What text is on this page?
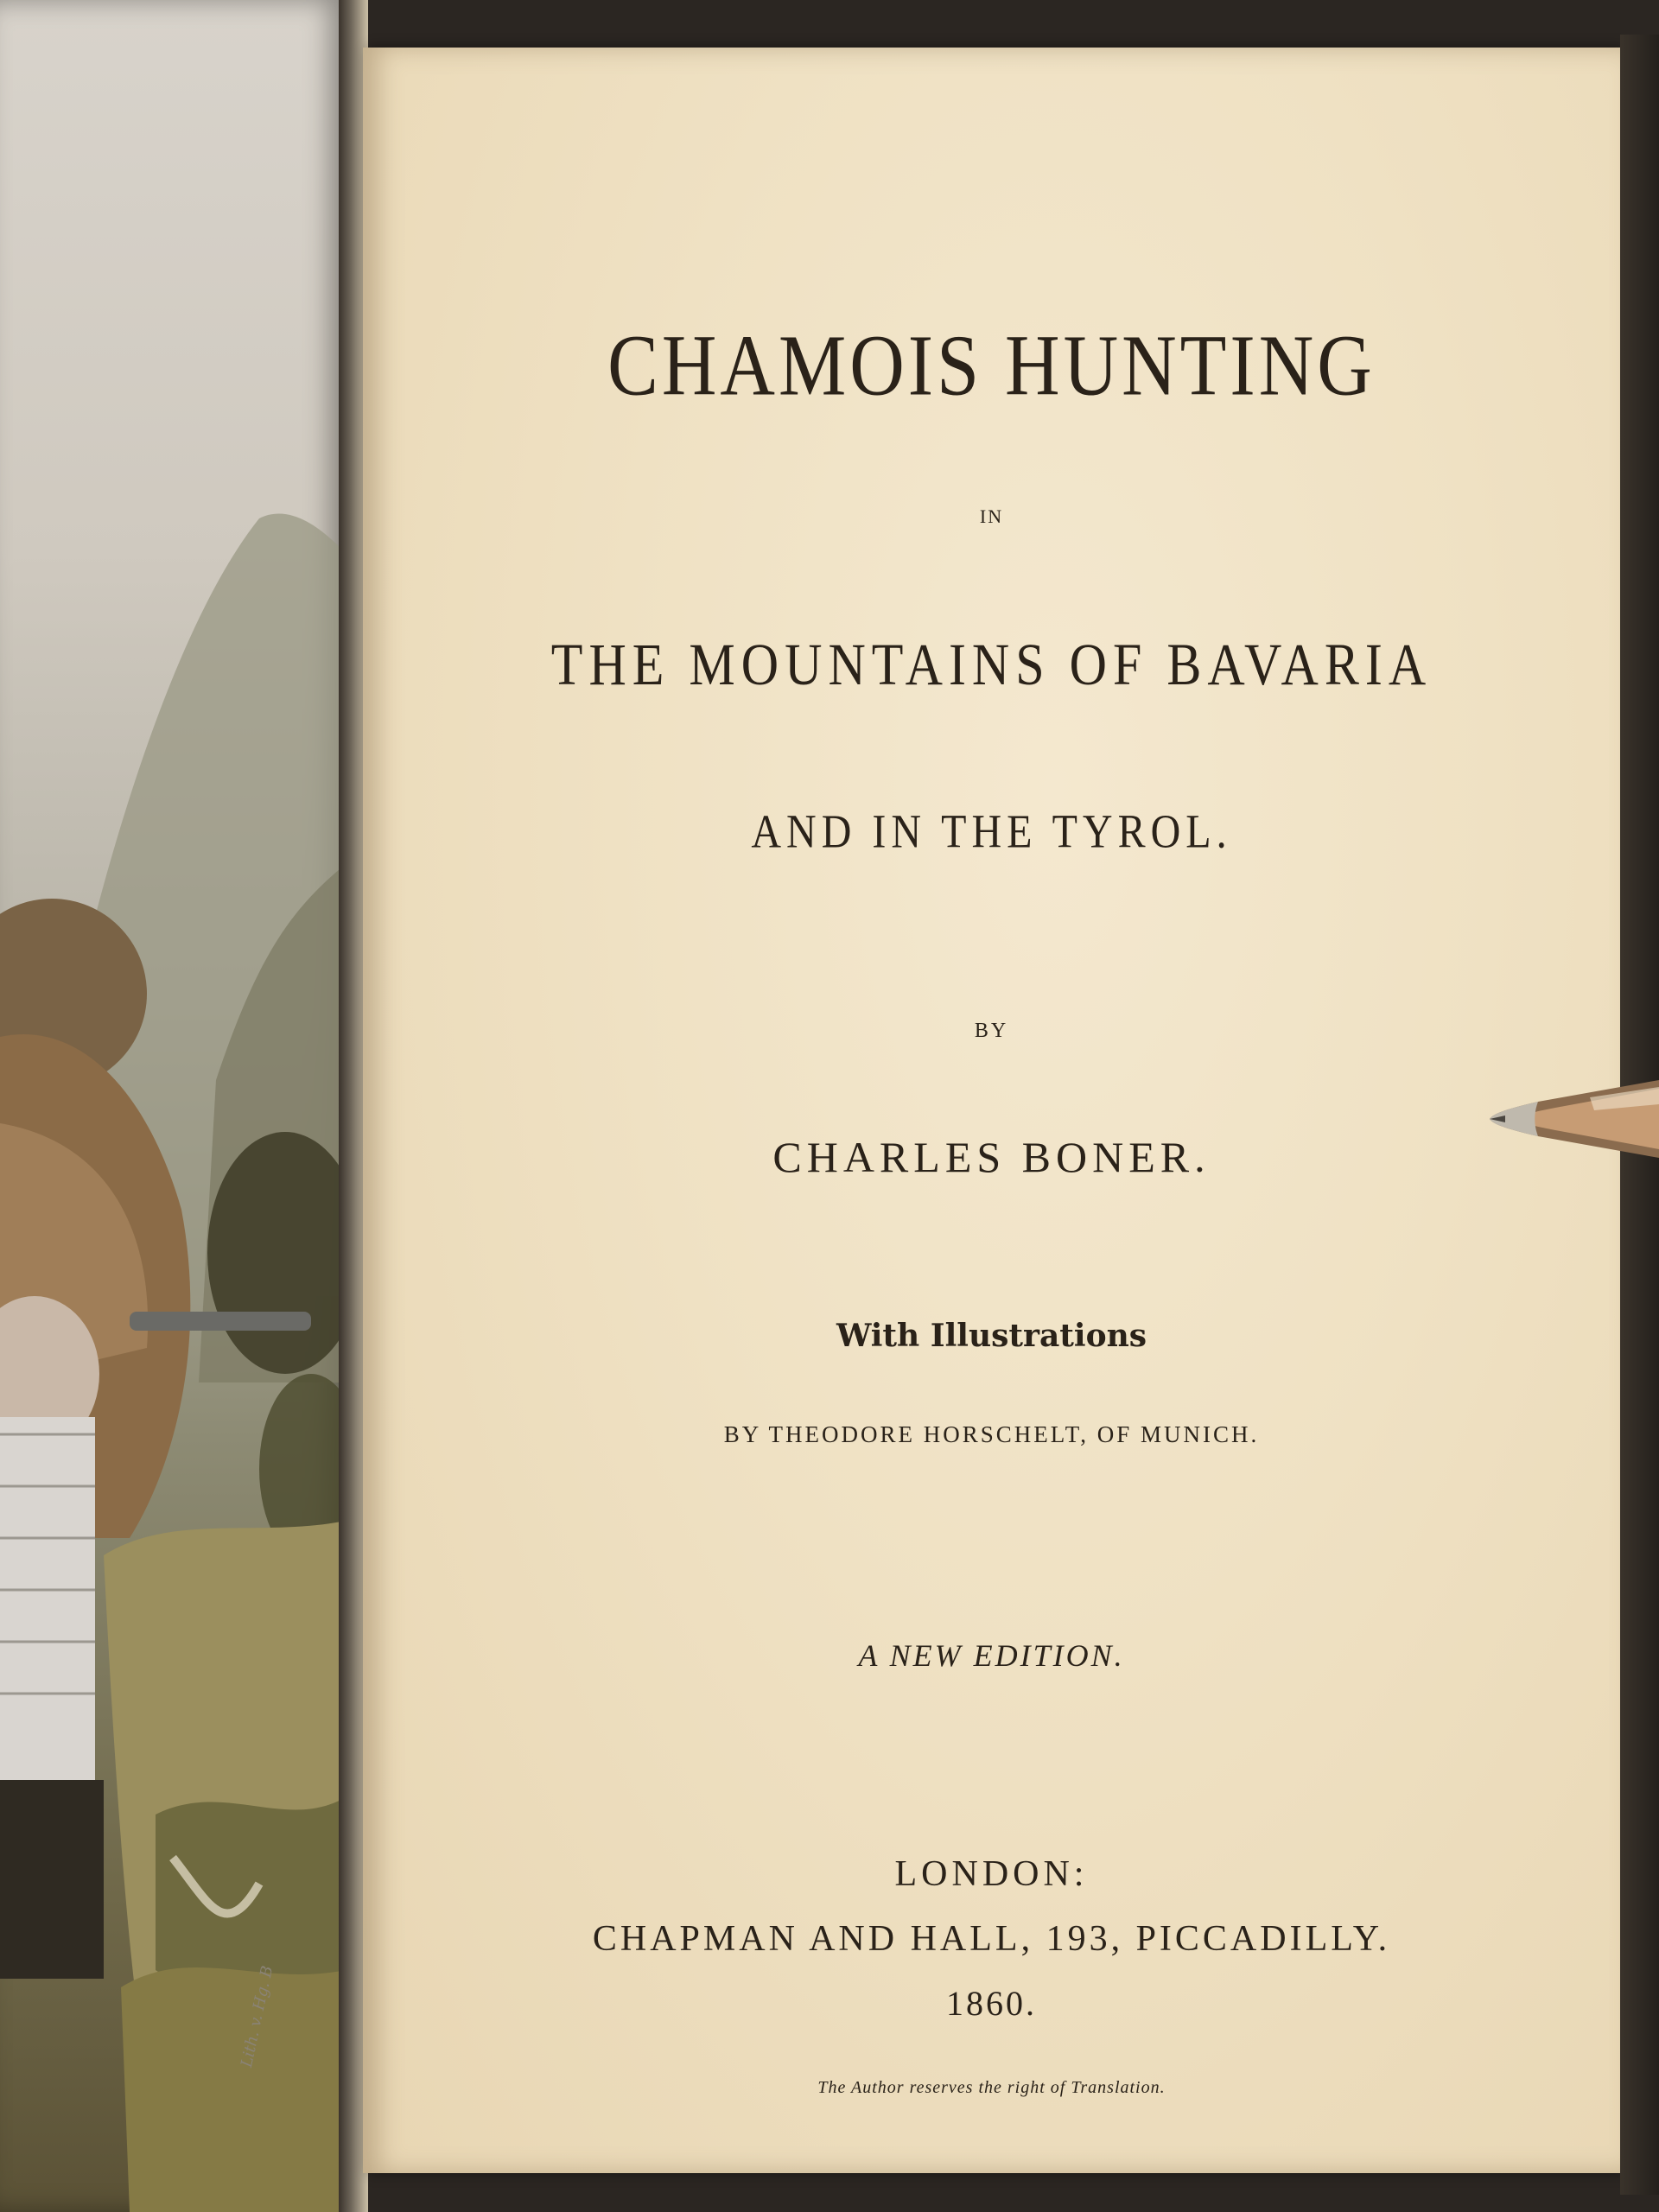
Lith. v. Hg. B
CHAMOIS HUNTING
IN
THE MOUNTAINS OF BAVARIA
AND IN THE TYROL.
BY
CHARLES BONER.
With Illustrations
BY THEODORE HORSCHELT, OF MUNICH.
A NEW EDITION.
LONDON:
CHAPMAN AND HALL, 193, PICCADILLY.
1860.
The Author reserves the right of Translation.
